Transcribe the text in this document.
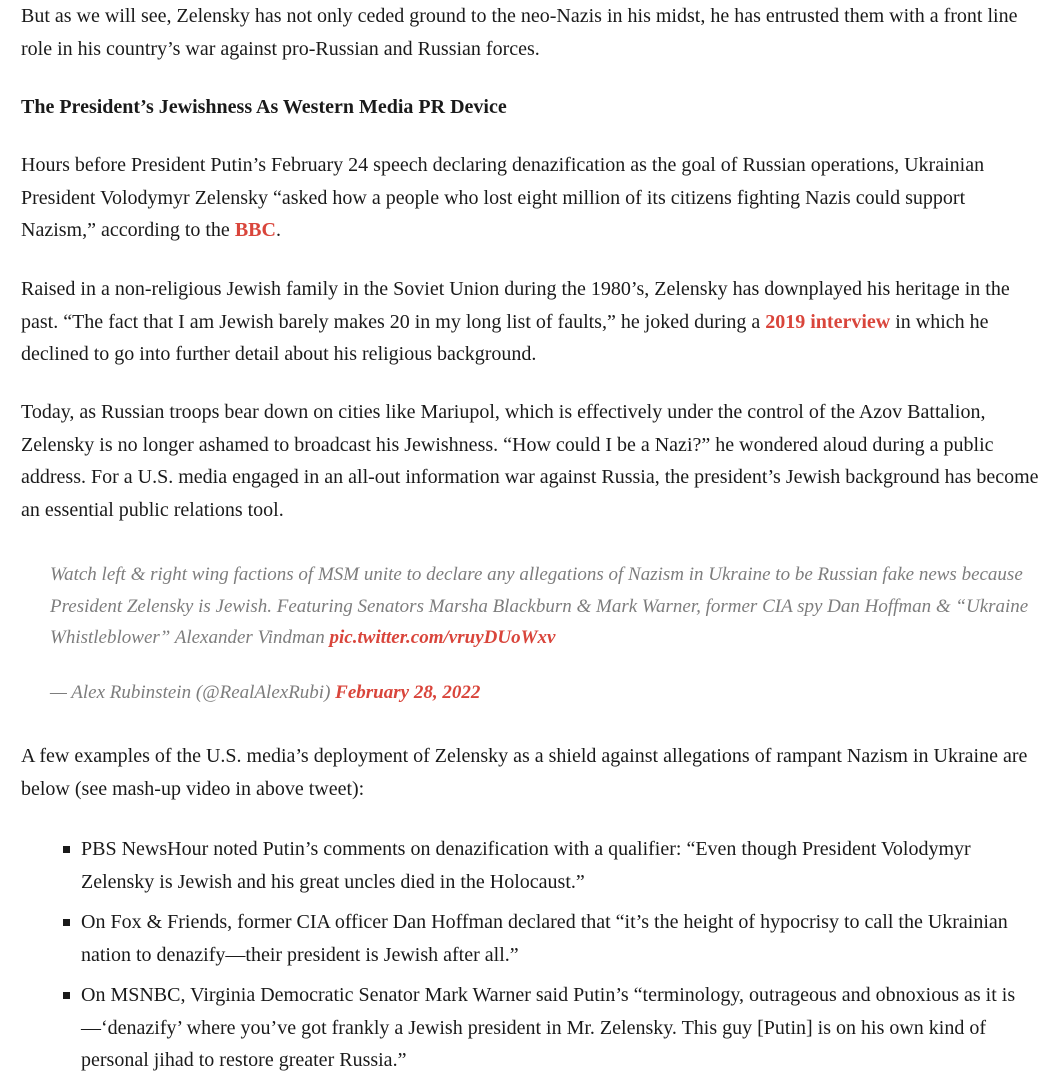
But as we will see, Zelensky has not only ceded ground to the neo-Nazis in his midst, he has entrusted them with a front line role in his country’s war against pro-Russian and Russian forces.

The President’s Jewishness As Western Media PR Device

Hours before President Putin’s February 24 speech declaring denazification as the goal of Russian operations, Ukrainian President Volodymyr Zelensky “asked how a people who lost eight million of its citizens fighting Nazis could support Nazism,” according to the BBC.

Raised in a non-religious Jewish family in the Soviet Union during the 1980’s, Zelensky has downplayed his heritage in the past. “The fact that I am Jewish barely makes 20 in my long list of faults,” he joked during a 2019 interview in which he declined to go into further detail about his religious background.

Today, as Russian troops bear down on cities like Mariupol, which is effectively under the control of the Azov Battalion, Zelensky is no longer ashamed to broadcast his Jewishness. “How could I be a Nazi?” he wondered aloud during a public address. For a U.S. media engaged in an all-out information war against Russia, the president’s Jewish background has become an essential public relations tool.

Watch left & right wing factions of MSM unite to declare any allegations of Nazism in Ukraine to be Russian fake news because President Zelensky is Jewish. Featuring Senators Marsha Blackburn & Mark Warner, former CIA spy Dan Hoffman & “Ukraine Whistleblower” Alexander Vindman pic.twitter.com/vruyDUoWxv

— Alex Rubinstein (@RealAlexRubi) February 28, 2022

A few examples of the U.S. media’s deployment of Zelensky as a shield against allegations of rampant Nazism in Ukraine are below (see mash-up video in above tweet):

PBS NewsHour noted Putin’s comments on denazification with a qualifier: “Even though President Volodymyr Zelensky is Jewish and his great uncles died in the Holocaust.”
On Fox & Friends, former CIA officer Dan Hoffman declared that “it’s the height of hypocrisy to call the Ukrainian nation to denazify—their president is Jewish after all.”
On MSNBC, Virginia Democratic Senator Mark Warner said Putin’s “terminology, outrageous and obnoxious as it is—‘denazify’ where you’ve got frankly a Jewish president in Mr. Zelensky. This guy [Putin] is on his own kind of personal jihad to restore greater Russia.”
